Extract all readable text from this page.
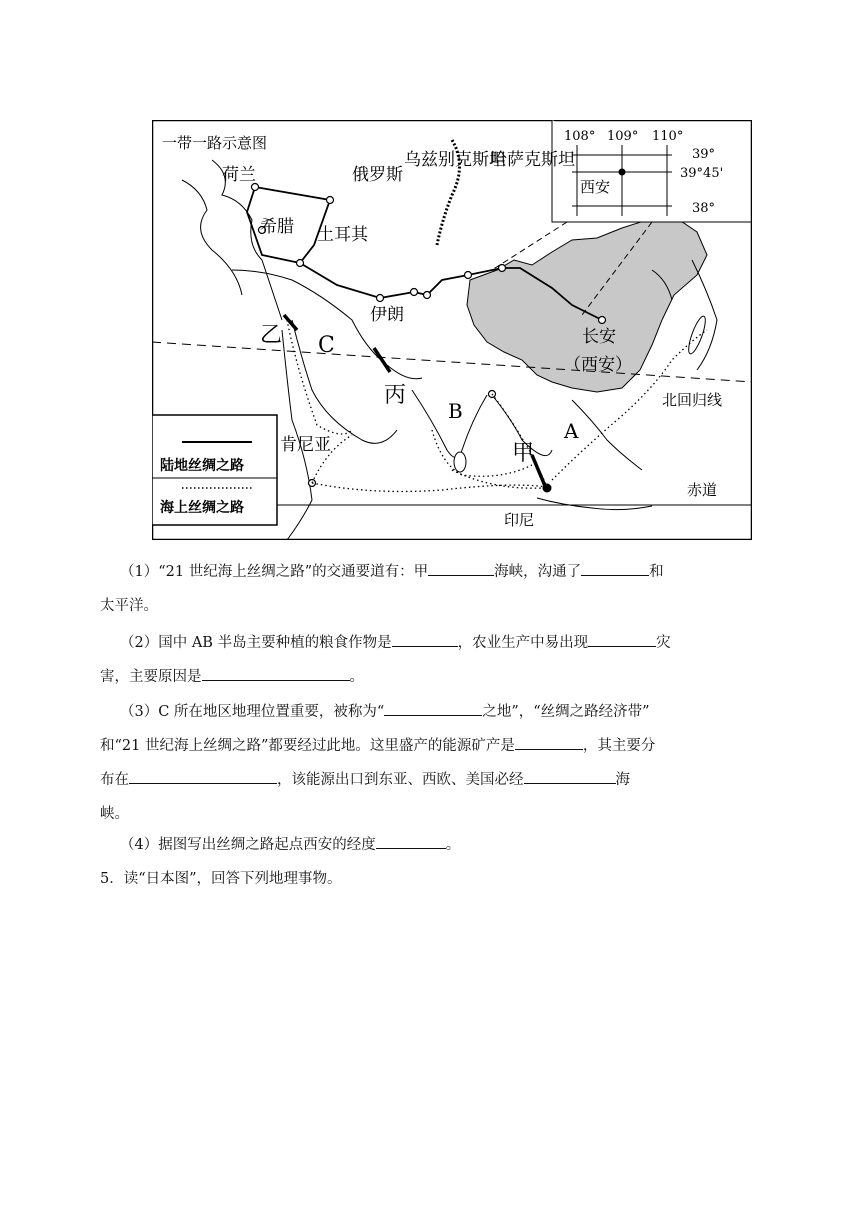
108° 109° 110°
39°
39°45'
38°
西安
陆地丝绸之路
海上丝绸之路
一带一路示意图
荷兰
希腊
俄罗斯
土耳其
乌兹别克斯坦
哈萨克斯坦
伊朗
长安
（西安）
北回归线
肯尼亚
印尼
赤道
乙
丙
甲
A
B
C
（1）“21 世纪海上丝绸之路”的交通要道有：甲	海峡，沟通了	和
太平洋。
（2）国中 AB 半岛主要种植的粮食作物是	，农业生产中易出现	灾
害，主要原因是	。
（3）C 所在地区地理位置重要，被称为“	之地”，“丝绸之路经济带”
和“21 世纪海上丝绸之路”都要经过此地。这里盛产的能源矿产是	，其主要分
布在	，该能源出口到东亚、西欧、美国必经	海
峡。
（4）据图写出丝绸之路起点西安的经度	。
5．读“日本图”，回答下列地理事物。
